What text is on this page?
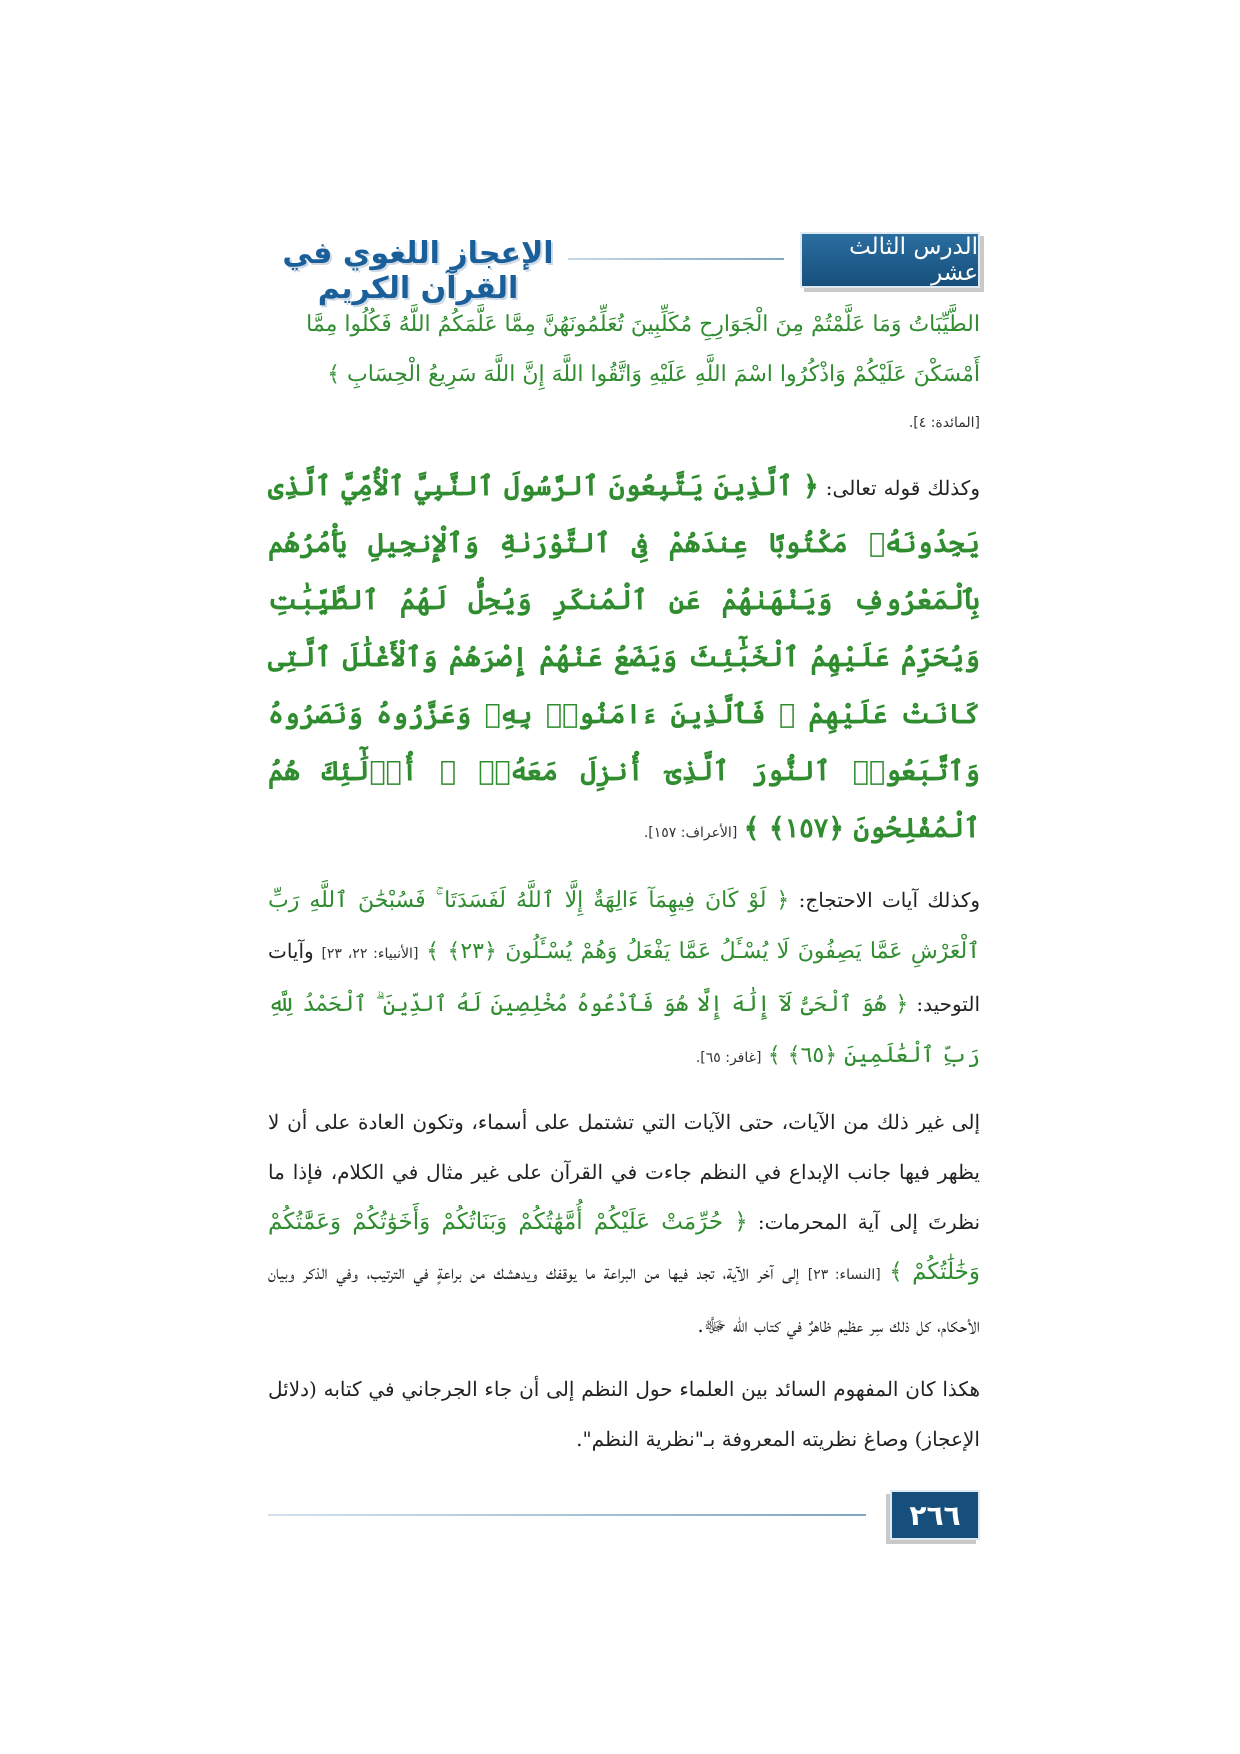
الدرس الثالث عشر
الإعجاز اللغوي في القرآن الكريم

الطَّيِّبَاتُ وَمَا عَلَّمْتُمْ مِنَ الْجَوَارِحِ مُكَلِّبِينَ تُعَلِّمُونَهُنَّ مِمَّا عَلَّمَكُمُ اللَّهُ فَكُلُوا مِمَّا

أَمْسَكْنَ عَلَيْكُمْ وَاذْكُرُوا اسْمَ اللَّهِ عَلَيْهِ وَاتَّقُوا اللَّهَ إِنَّ اللَّهَ سَرِيعُ الْحِسَابِ ﴾

[المائدة: ٤].

وكذلك قوله تعالى: ﴿ ٱلَّذِينَ يَتَّبِعُونَ ٱلرَّسُولَ ٱلنَّبِيَّ ٱلْأُمِّيَّ ٱلَّذِى يَجِدُونَهُۥ مَكْتُوبًا عِندَهُمْ فِى ٱلتَّوْرَىٰةِ وَٱلْإِنجِيلِ يَأْمُرُهُم بِٱلْمَعْرُوفِ وَيَنْهَىٰهُمْ عَنِ ٱلْمُنكَرِ وَيُحِلُّ لَهُمُ ٱلطَّيِّبَٰتِ وَيُحَرِّمُ عَلَيْهِمُ ٱلْخَبَٰٓئِثَ وَيَضَعُ عَنْهُمْ إِصْرَهُمْ وَٱلْأَغْلَٰلَ ٱلَّتِى كَانَتْ عَلَيْهِمْ ۚ فَٱلَّذِينَ ءَامَنُوا۟ بِهِۦ وَعَزَّرُوهُ وَنَصَرُوهُ وَٱتَّبَعُوا۟ ٱلنُّورَ ٱلَّذِىٓ أُنزِلَ مَعَهُۥٓ ۙ أُو۟لَٰٓئِكَ هُمُ ٱلْمُفْلِحُونَ ﴿١٥٧﴾ ﴾ [الأعراف: ١٥٧].

وكذلك آيات الاحتجاج: ﴿ لَوْ كَانَ فِيهِمَآ ءَالِهَةٌ إِلَّا ٱللَّهُ لَفَسَدَتَا ۚ فَسُبْحَٰنَ ٱللَّهِ رَبِّ ٱلْعَرْشِ عَمَّا يَصِفُونَ لَا يُسْـَٔلُ عَمَّا يَفْعَلُ وَهُمْ يُسْـَٔلُونَ ﴿٢٣﴾ ﴾ [الأنبياء: ٢٢، ٢٣] وآيات التوحيد: ﴿ هُوَ ٱلْحَىُّ لَآ إِلَٰهَ إِلَّا هُوَ فَٱدْعُوهُ مُخْلِصِينَ لَهُ ٱلدِّينَ ۗ ٱلْحَمْدُ لِلَّهِ رَبِّ ٱلْعَٰلَمِينَ ﴿٦٥﴾ ﴾ [غافر: ٦٥].

إلى غير ذلك من الآيات، حتى الآيات التي تشتمل على أسماء، وتكون العادة على أن لا يظهر فيها جانب الإبداع في النظم جاءت في القرآن على غير مثال في الكلام، فإذا ما نظرتَ إلى آية المحرمات: ﴿ حُرِّمَتْ عَلَيْكُمْ أُمَّهَٰتُكُمْ وَبَنَاتُكُمْ وَأَخَوَٰتُكُمْ وَعَمَّٰتُكُمْ وَخَٰلَٰتُكُمْ ﴾ [النساء: ٢٣] إلى آخر الآية، تجد فيها من البراعة ما يوقفك ويدهشك من براعةٍ في الترتيب، وفي الذكر وبيان الأحكام، كل ذلك سِر عظيم ظاهرٌ في كتاب الله ﷻ.

هكذا كان المفهوم السائد بين العلماء حول النظم إلى أن جاء الجرجاني في كتابه (دلائل الإعجاز) وصاغ نظريته المعروفة بـ"نظرية النظم".

٢٦٦
